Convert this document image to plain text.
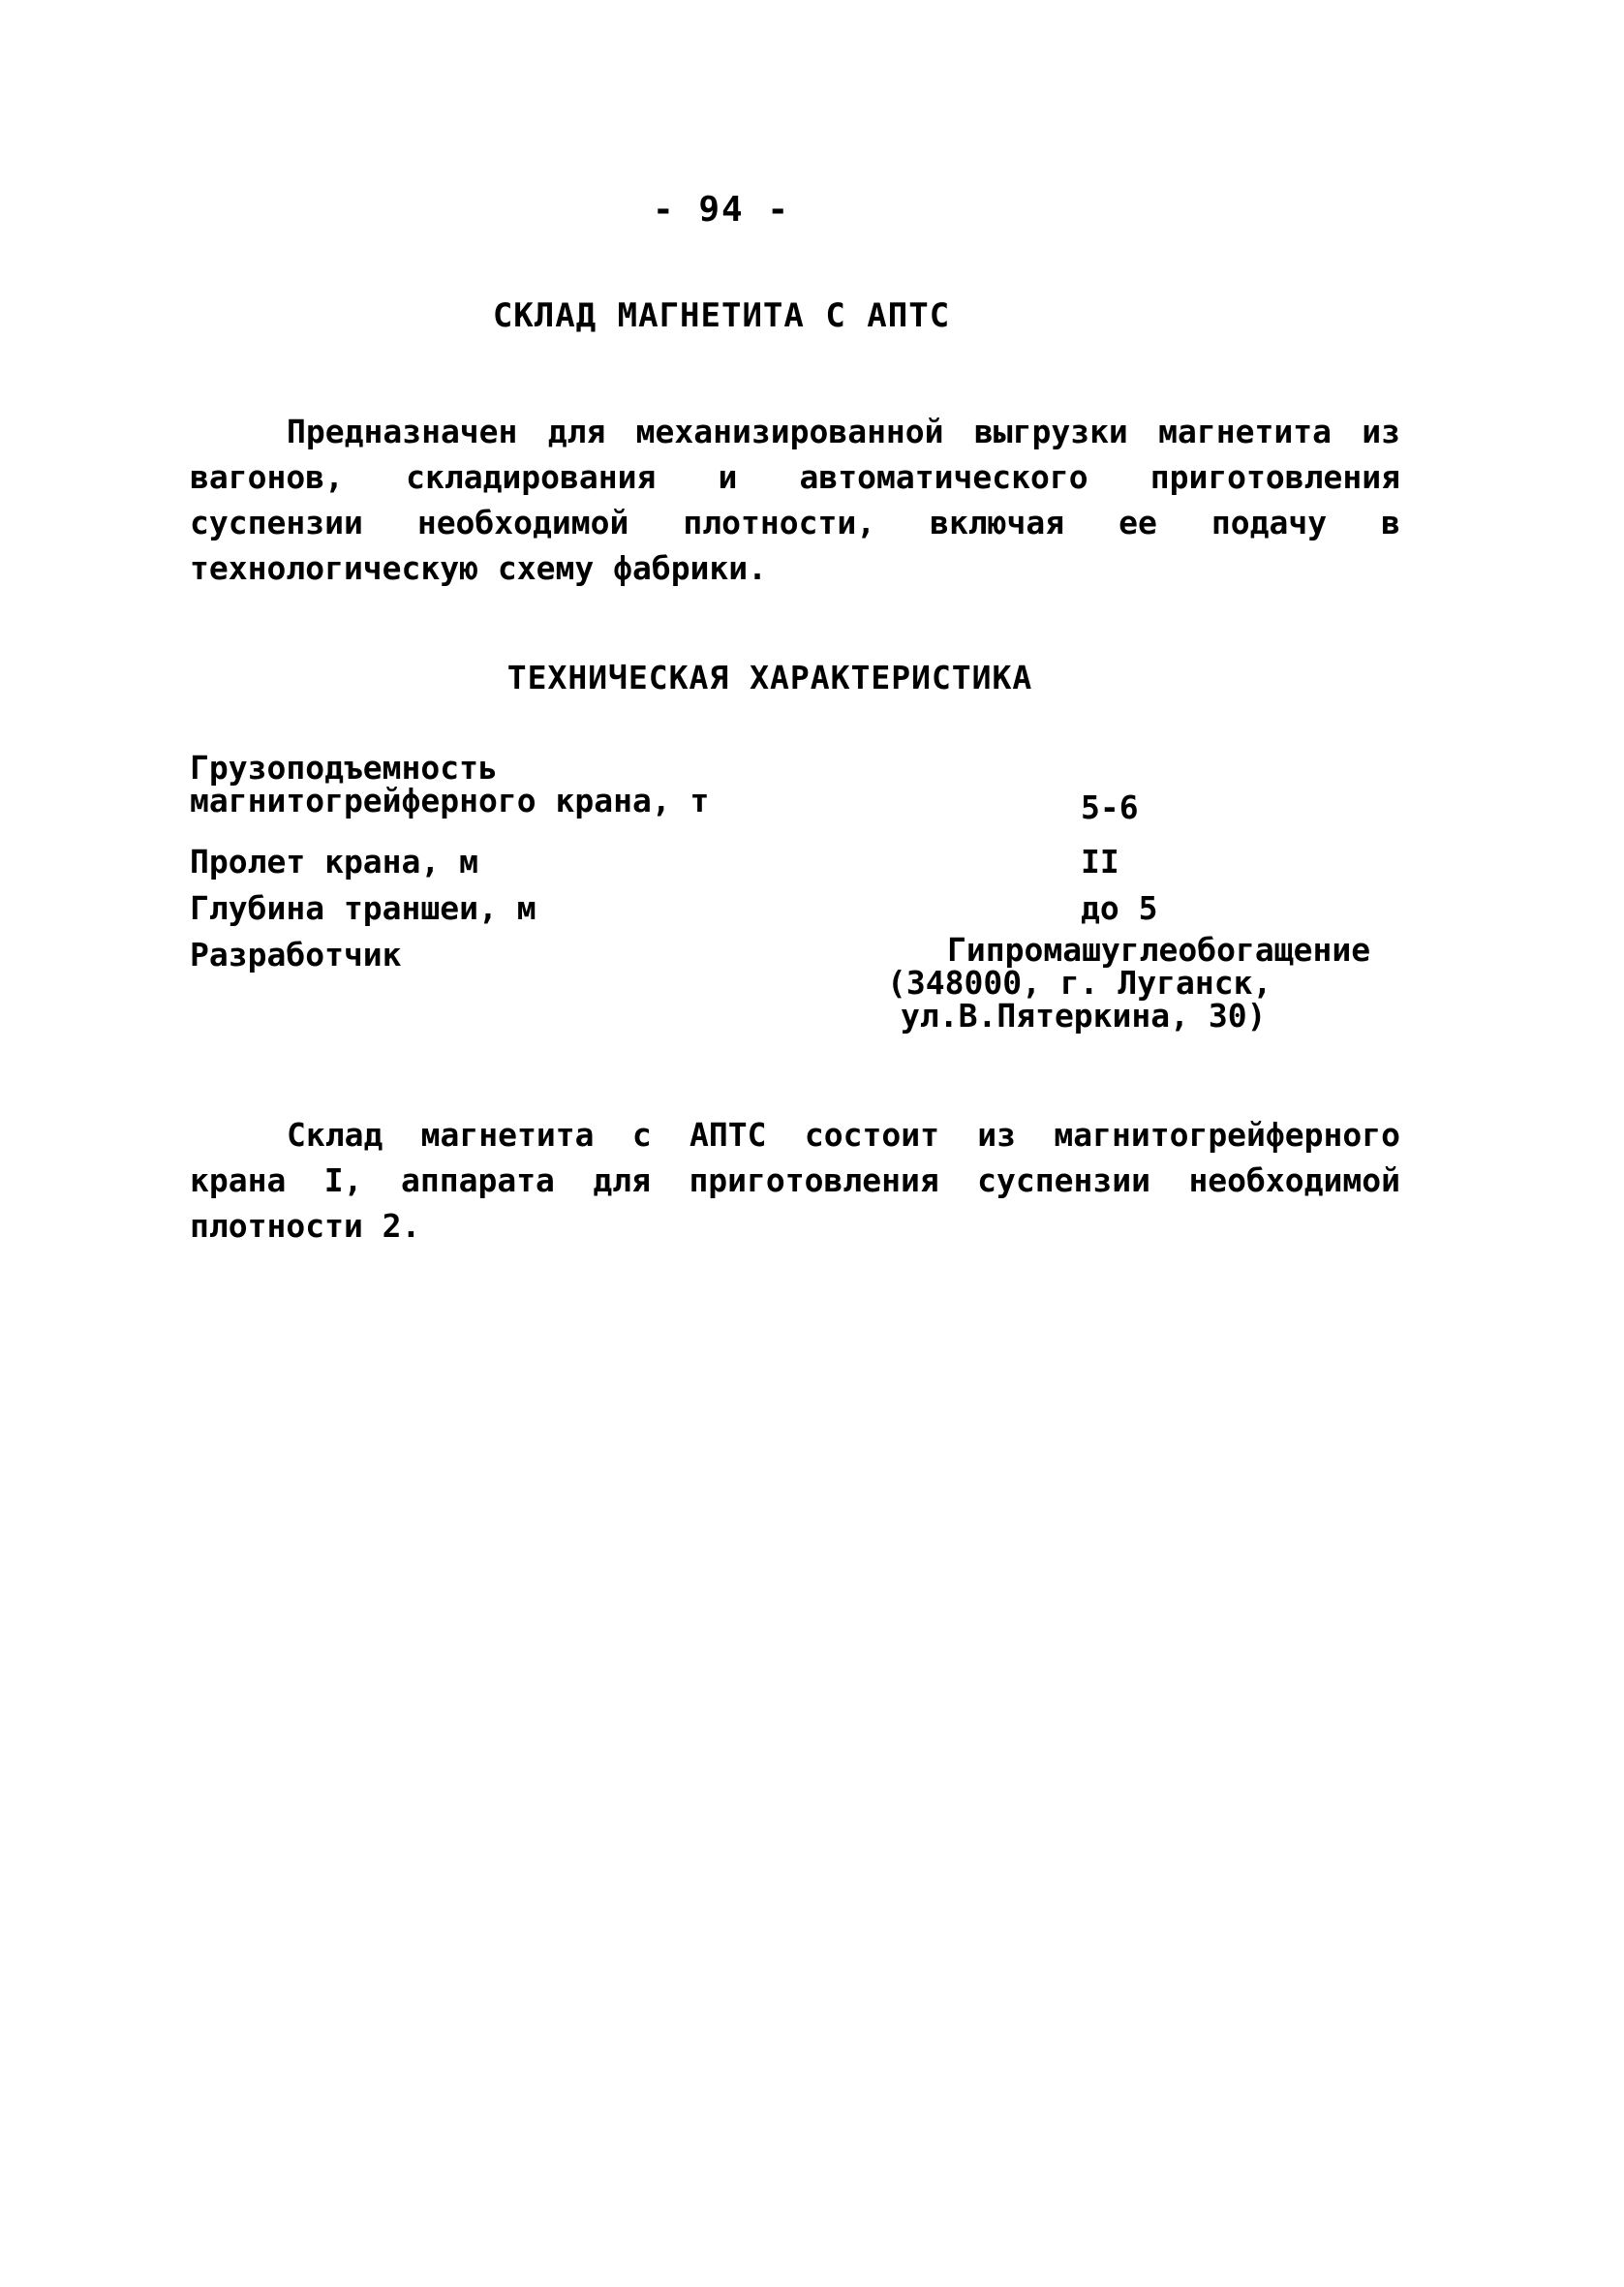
- 94 -
СКЛАД МАГНЕТИТА С АПТС

Предназначен для механизированной выгрузки магнетита из вагонов, складирования и автоматического приготовления суспензии необходимой плотности, включая ее подачу в технологическую схему фабрики.

ТЕХНИЧЕСКАЯ ХАРАКТЕРИСТИКА
Грузоподъемность магнитогрейферного крана, т	5-6
Пролет крана, м	II
Глубина траншеи, м	до 5
Разработчик	Гипромашуглеобогащение
(348000, г. Луганск,
ул.В.Пятеркина, 30)

Склад магнетита с АПТС состоит из магнитогрейферного крана I, аппарата для приготовления суспензии необходимой плотности 2.
